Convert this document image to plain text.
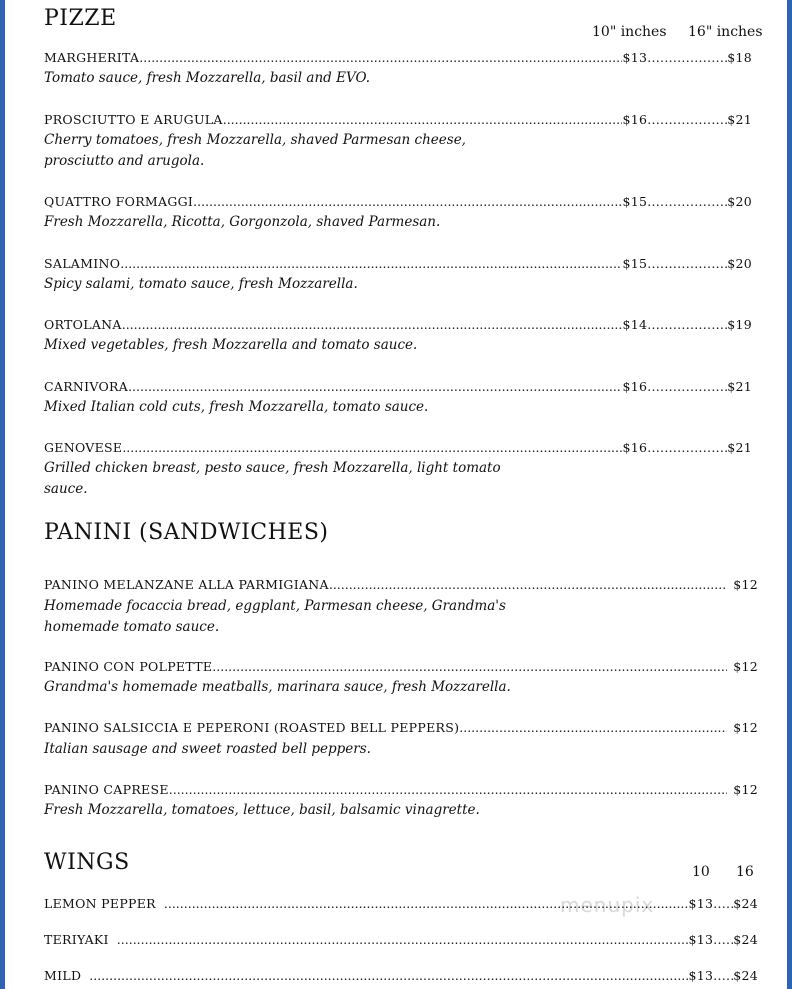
PIZZE
10" inches 16" inches
MARGHERITA .....	$13 .....	$18
Tomato sauce, fresh Mozzarella, basil and EVO.
PROSCIUTTO E ARUGULA .....	$16 .....	$21
Cherry tomatoes, fresh Mozzarella, shaved Parmesan cheese, prosciutto and arugola.
QUATTRO FORMAGGI .....	$15 .....	$20
Fresh Mozzarella, Ricotta, Gorgonzola, shaved Parmesan.
SALAMINO .....	$15 .....	$20
Spicy salami, tomato sauce, fresh Mozzarella.
ORTOLANA .....	$14 .....	$19
Mixed vegetables, fresh Mozzarella and tomato sauce.
CARNIVORA .....	$16 .....	$21
Mixed Italian cold cuts, fresh Mozzarella, tomato sauce.
GENOVESE .....	$16 .....	$21
Grilled chicken breast, pesto sauce, fresh Mozzarella, light tomato sauce.
PANINI (SANDWICHES)
PANINO MELANZANE ALLA PARMIGIANA .....	$12
Homemade focaccia bread, eggplant, Parmesan cheese, Grandma's homemade tomato sauce.
PANINO CON POLPETTE .....	$12
Grandma's homemade meatballs, marinara sauce, fresh Mozzarella.
PANINO SALSICCIA E PEPERONI (ROASTED BELL PEPPERS) .....	$12
Italian sausage and sweet roasted bell peppers.
PANINO CAPRESE .....	$12
Fresh Mozzarella, tomatoes, lettuce, basil, balsamic vinagrette.
WINGS	10 16
menupix
LEMON PEPPER .....	$13 ..... $24
TERIYAKI .....	$13 ..... $24
MILD .....	$13 ..... $24
